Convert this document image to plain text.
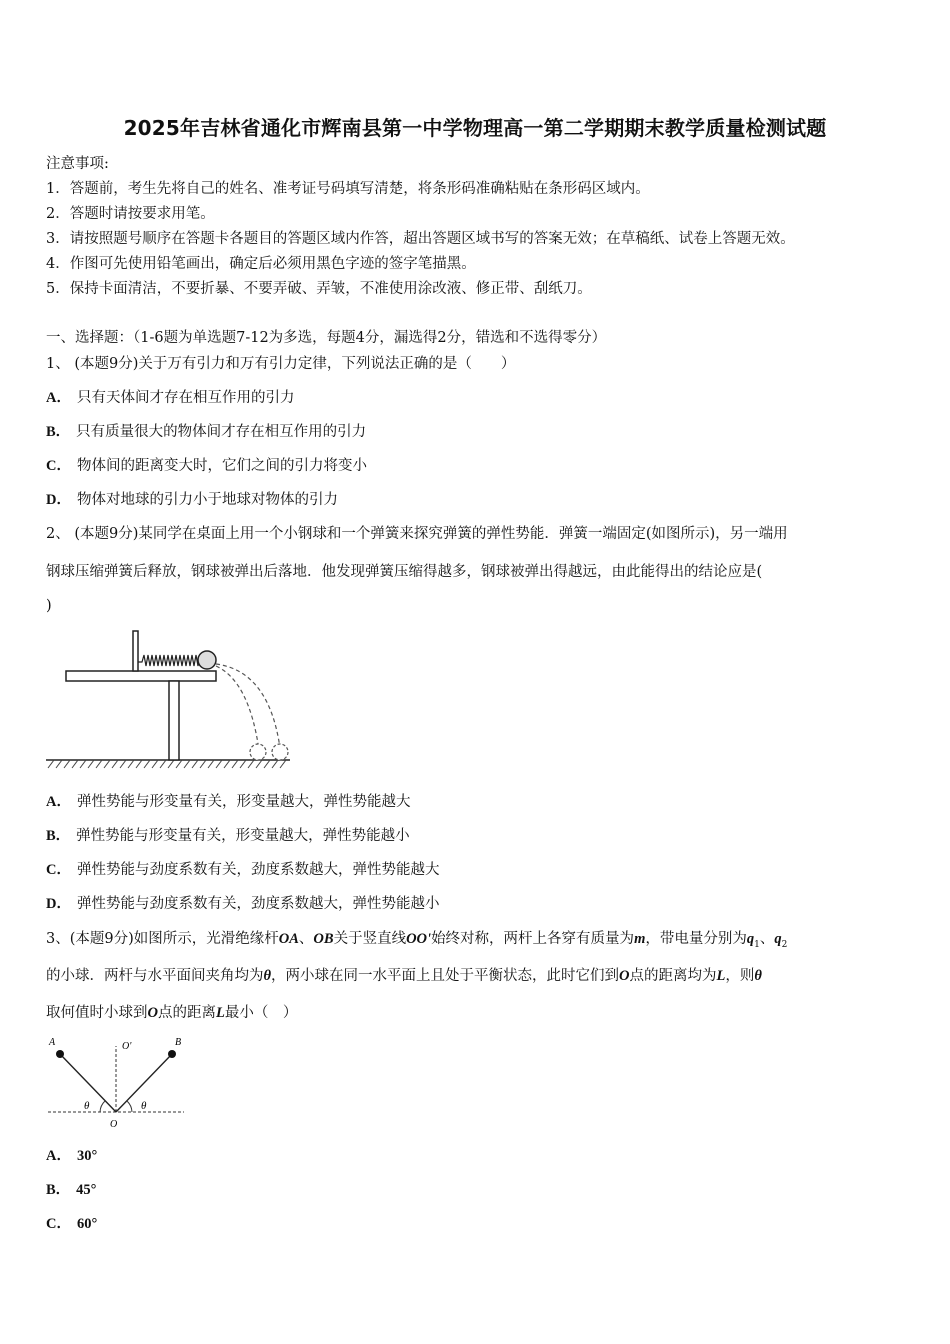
2025年吉林省通化市辉南县第一中学物理高一第二学期期末教学质量检测试题
注意事项:
1．答题前，考生先将自己的姓名、准考证号码填写清楚，将条形码准确粘贴在条形码区域内。
2．答题时请按要求用笔。
3．请按照题号顺序在答题卡各题目的答题区域内作答，超出答题区域书写的答案无效；在草稿纸、试卷上答题无效。
4．作图可先使用铅笔画出，确定后必须用黑色字迹的签字笔描黑。
5．保持卡面清洁，不要折暴、不要弄破、弄皱，不准使用涂改液、修正带、刮纸刀。
一、选择题：（1-6题为单选题7-12为多选，每题4分，漏选得2分，错选和不选得零分）
1、 (本题9分)关于万有引力和万有引力定律，下列说法正确的是（　　）
A． 只有天体间才存在相互作用的引力
B． 只有质量很大的物体间才存在相互作用的引力
C． 物体间的距离变大时，它们之间的引力将变小
D． 物体对地球的引力小于地球对物体的引力
2、 (本题9分)某同学在桌面上用一个小钢球和一个弹簧来探究弹簧的弹性势能．弹簧一端固定(如图所示)，另一端用
钢球压缩弹簧后释放，钢球被弹出后落地．他发现弹簧压缩得越多，钢球被弹出得越远，由此能得出的结论应是(
)
A． 弹性势能与形变量有关，形变量越大，弹性势能越大
B． 弹性势能与形变量有关，形变量越大，弹性势能越小
C． 弹性势能与劲度系数有关，劲度系数越大，弹性势能越大
D． 弹性势能与劲度系数有关，劲度系数越大，弹性势能越小
3、(本题9分)如图所示，光滑绝缘杆OA、OB关于竖直线OO'始终对称，两杆上各穿有质量为m，带电量分别为$q_1$、$q_2$
的小球．两杆与水平面间夹角均为θ，两小球在同一水平面上且处于平衡状态，此时它们到O点的距离均为L，则θ
取何值时小球到O点的距离L最小（　）
A	B
O'
O
θ	θ
A． 30°
B． 45°
C． 60°
